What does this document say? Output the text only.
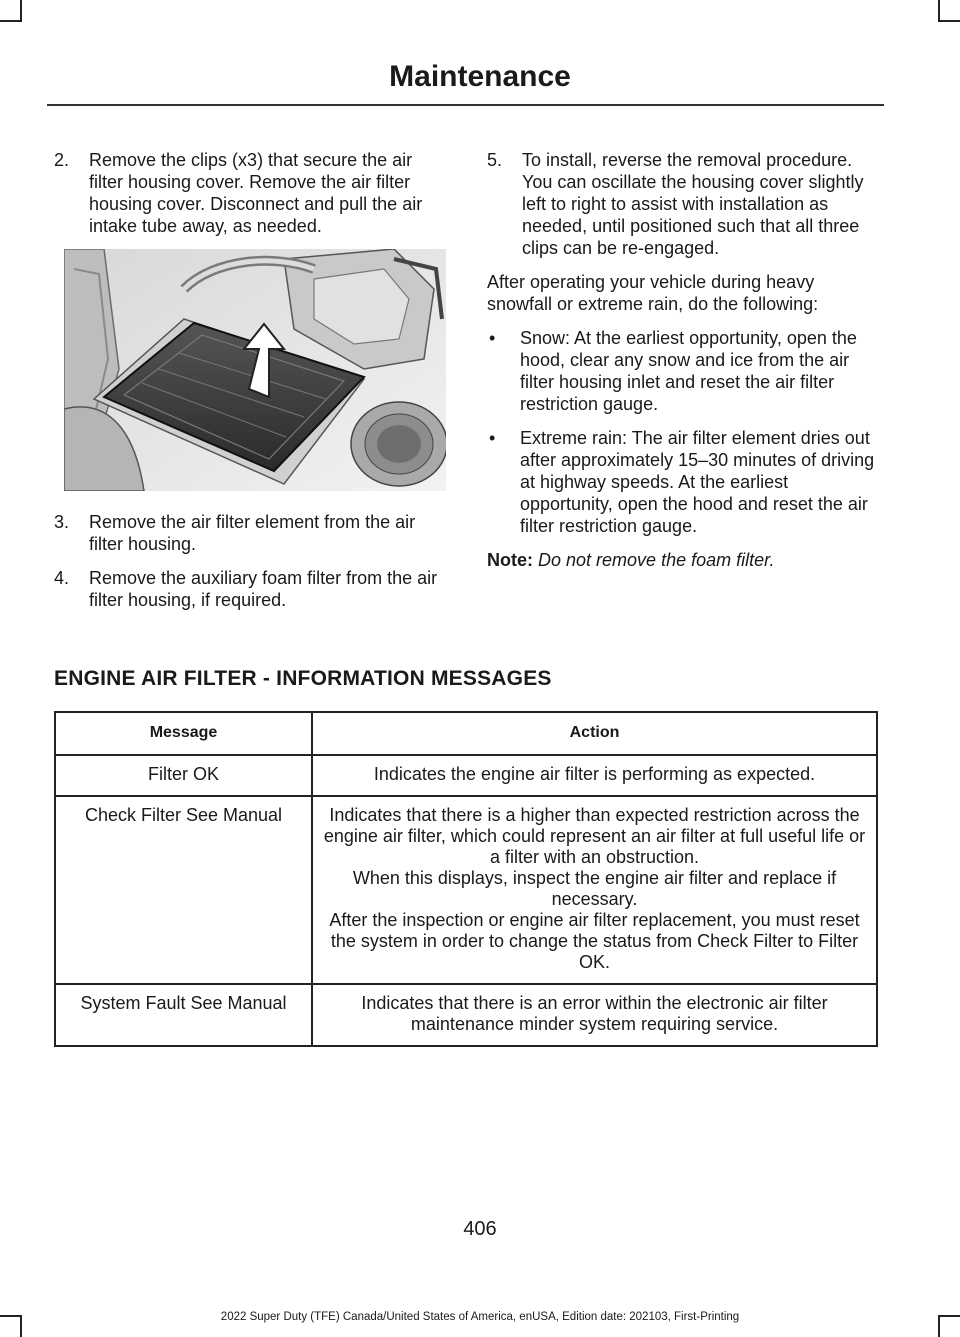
Maintenance
2. Remove the clips (x3) that secure the air filter housing cover. Remove the air filter housing cover. Disconnect and pull the air intake tube away, as needed.
3. Remove the air filter element from the air filter housing.
4. Remove the auxiliary foam filter from the air filter housing, if required.
5. To install, reverse the removal procedure. You can oscillate the housing cover slightly left to right to assist with installation as needed, until positioned such that all three clips can be re-engaged.

After operating your vehicle during heavy snowfall or extreme rain, do the following:

• Snow: At the earliest opportunity, open the hood, clear any snow and ice from the air filter housing inlet and reset the air filter restriction gauge.
• Extreme rain: The air filter element dries out after approximately 15–30 minutes of driving at highway speeds. At the earliest opportunity, open the hood and reset the air filter restriction gauge.

Note: Do not remove the foam filter.

ENGINE AIR FILTER - INFORMATION MESSAGES
Message	Action
Filter OK	Indicates the engine air filter is performing as expected.

Check Filter See Manual	Indicates that there is a higher than expected restriction across the engine air filter, which could represent an air filter at full useful life or a filter with an obstruction.
When this displays, inspect the engine air filter and replace if necessary.
After the inspection or engine air filter replacement, you must reset the system in order to change the status from Check Filter to Filter OK.

System Fault See Manual	Indicates that there is an error within the electronic air filter maintenance minder system requiring service.
406
2022 Super Duty (TFE) Canada/United States of America, enUSA, Edition date: 202103, First-Printing
